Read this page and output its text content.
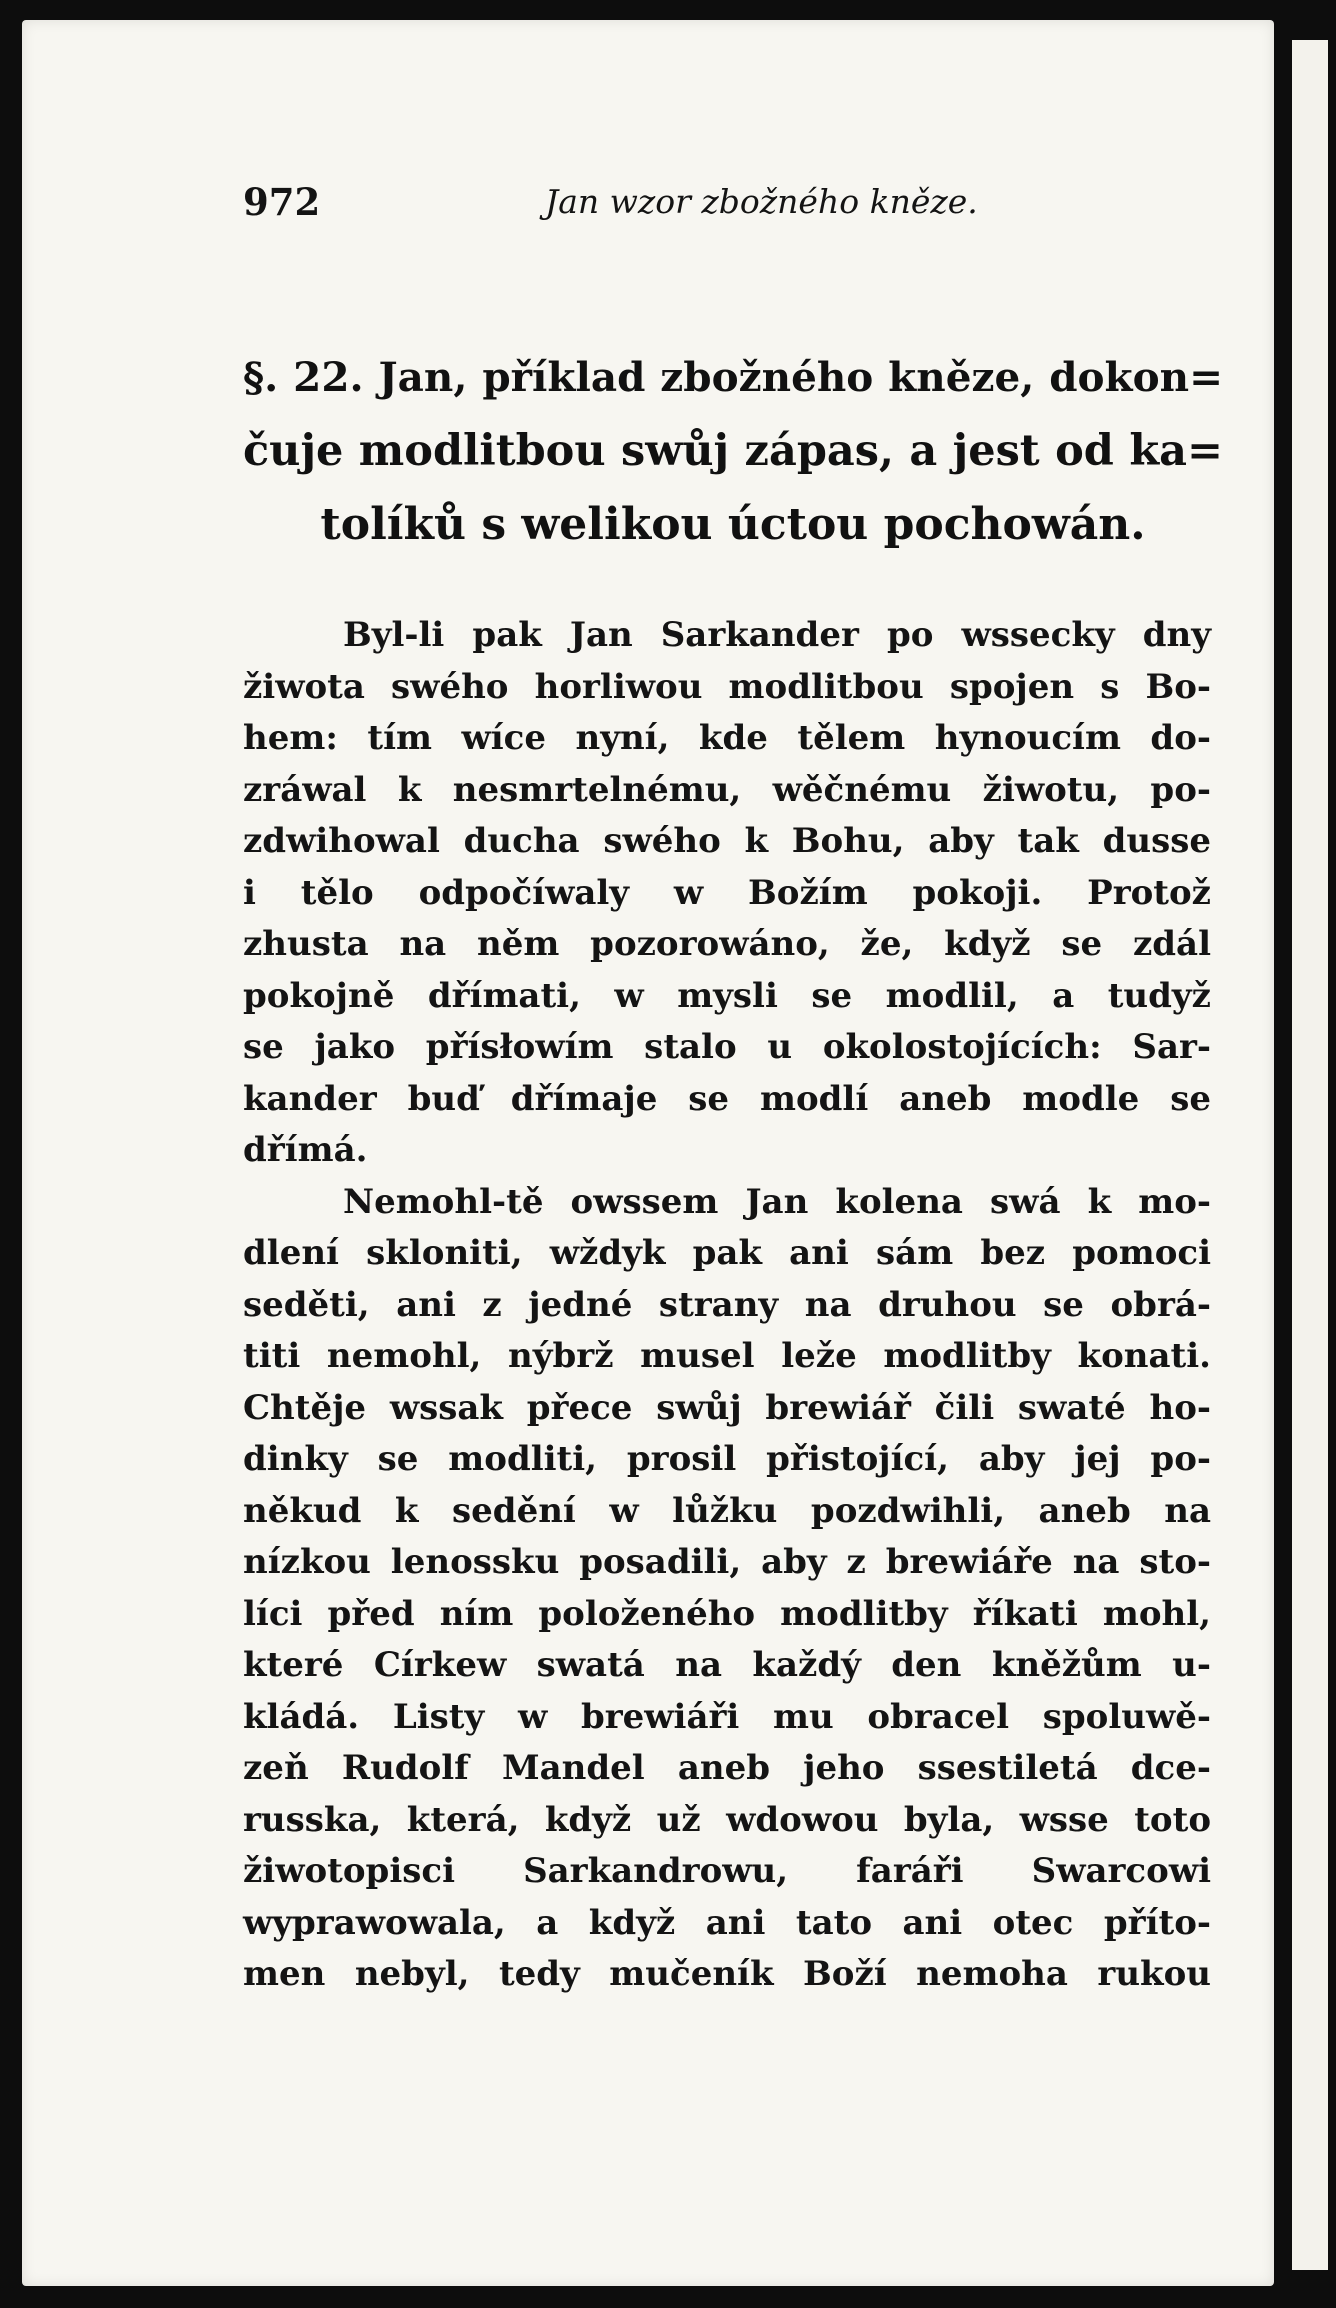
972	Jan wzor zbožného kněze.
§. 22. Jan, příklad zbožného kněze, dokon=
čuje modlitbou swůj zápas, a jest od ka=
tolíků s welikou úctou pochowán.
Byl-li pak Jan Sarkander po wssecky dny
žiwota swého horliwou modlitbou spojen s Bo-
hem: tím wíce nyní, kde tělem hynoucím do-
zráwal k nesmrtelnému, wěčnému žiwotu, po-
zdwihowal ducha swého k Bohu, aby tak dusse
i tělo odpočíwaly w Božím pokoji. Protož
zhusta na něm pozorowáno, že, když se zdál
pokojně dřímati, w mysli se modlil, a tudyž
se jako přísłowím stalo u okolostojících: Sar-
kander buď dřímaje se modlí aneb modle se
dřímá.
Nemohl-tě owssem Jan kolena swá k mo-
dlení skloniti, wždyk pak ani sám bez pomoci
seděti, ani z jedné strany na druhou se obrá-
titi nemohl, nýbrž musel leže modlitby konati.
Chtěje wssak přece swůj brewiář čili swaté ho-
dinky se modliti, prosil přistojící, aby jej po-
někud k sedění w lůžku pozdwihli, aneb na
nízkou lenossku posadili, aby z brewiáře na sto-
líci před ním položeného modlitby říkati mohl,
které Církew swatá na každý den kněžům u-
kládá. Listy w brewiáři mu obracel spoluwě-
zeň Rudolf Mandel aneb jeho ssestiletá dce-
russka, která, když už wdowou byla, wsse toto
žiwotopisci Sarkandrowu, faráři Swarcowi
wyprawowala, a když ani tato ani otec přítо-
men nebyl, tedy mučeník Boží nemoha rukou
